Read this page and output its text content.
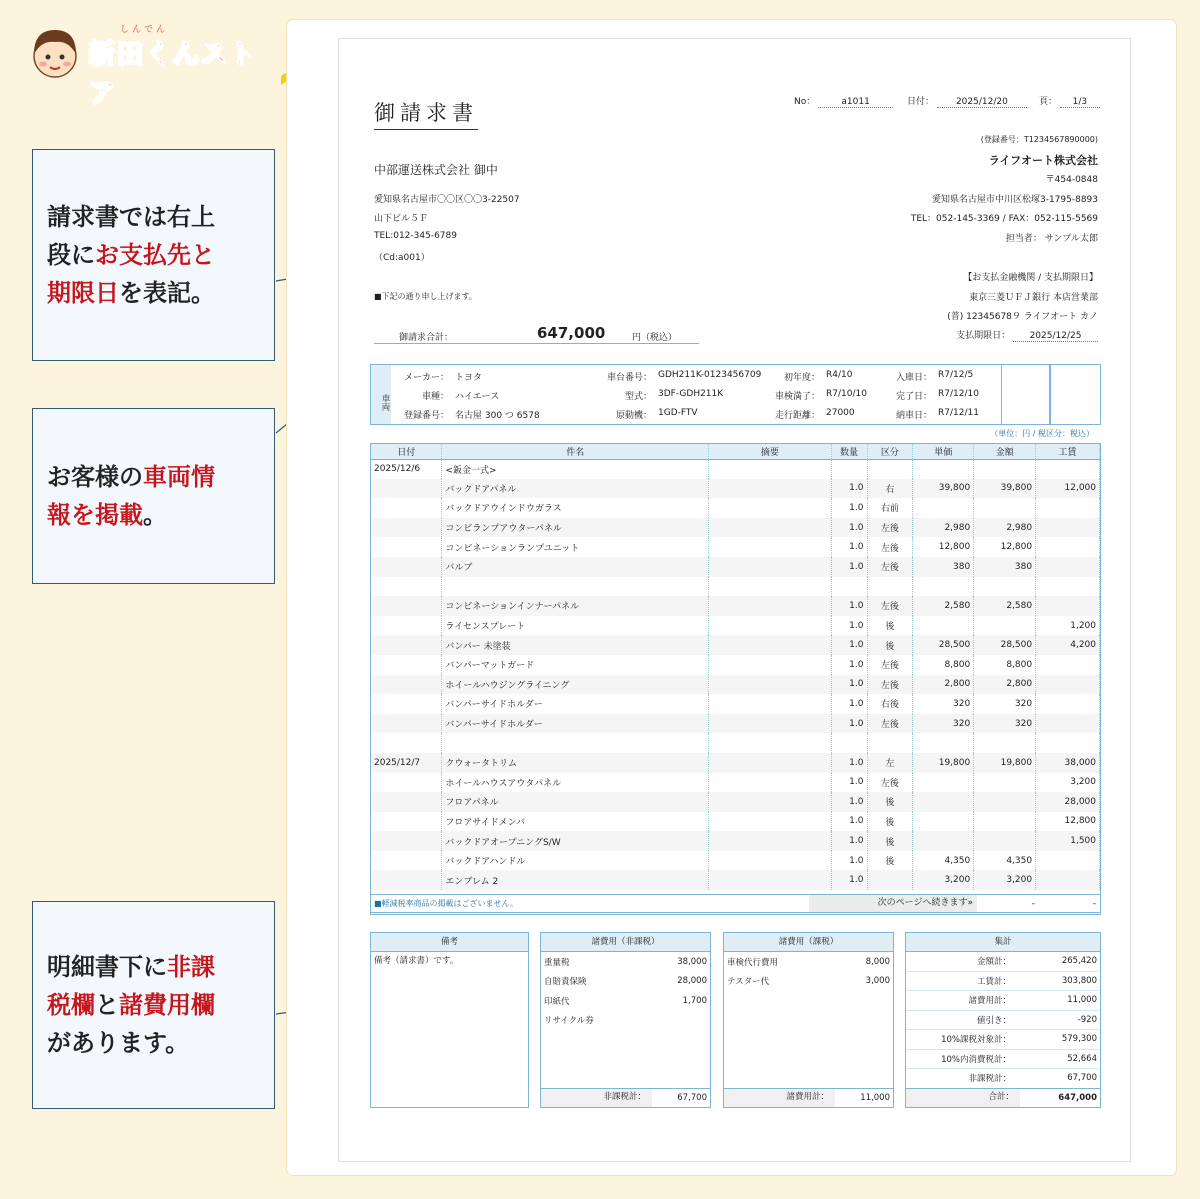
しんでん
新田くんストア
請求書では右上
段にお支払先と
期限日を表記。
お客様の車両情
報を掲載。
明細書下に非課
税欄と諸費用欄
があります。
御請求書	No：	a1011	日付： 2025/12/20	頁： 1/3
(登録番号：T1234567890000)
ライフオート株式会社
〒454-0848
愛知県名古屋市中川区松塚3-1795-8893
TEL：052-145-3369 / FAX：052-115-5569
担当者： サンプル太郎
【お支払金融機関 / 支払期限日】
東京三菱ＵＦＪ銀行 本店営業部
(普) 12345678９ ライフオート カノ
支払期限日： 2025/12/25
中部運送株式会社 御中
愛知県名古屋市〇〇区〇〇3-22507
山下ビル５Ｆ
TEL:012-345-6789
（Cd:a001）
■下記の通り申し上げます。
御請求合計：	647,000	円（税込）
車両
メーカー： トヨタ	車台番号： GDH211K-0123456709	初年度： R4/10	入庫日： R7/12/5
車種： ハイエース	型式： 3DF-GDH211K	車検満了： R7/10/10	完了日： R7/12/10
登録番号： 名古屋 300 つ 6578	原動機： 1GD-FTV	走行距離： 27000	納車日： R7/12/11
（単位：円 / 税区分：税込）
日付	件名	摘要	数量	区分	単価	金額	工賃
2025/12/6	<鈑金一式>						
	バックドアパネル		1.0	右	39,800	39,800	12,000
	バックドアウインドウガラス		1.0	右前			
	コンビランプアウターパネル		1.0	左後	2,980	2,980	
	コンビネーションランプユニット		1.0	左後	12,800	12,800	
	バルブ		1.0	左後	380	380	

	コンビネーションインナーパネル		1.0	左後	2,580	2,580	
	ライセンスプレート		1.0	後			1,200
	バンパー 未塗装		1.0	後	28,500	28,500	4,200
	バンパーマットガード		1.0	左後	8,800	8,800	
	ホイールハウジングライニング		1.0	左後	2,800	2,800	
	バンパーサイドホルダー		1.0	右後	320	320	
	バンパーサイドホルダー		1.0	左後	320	320	

2025/12/7	クウォータトリム		1.0	左	19,800	19,800	38,000
	ホイールハウスアウタパネル		1.0	左後			3,200
	フロアパネル		1.0	後			28,000
	フロアサイドメンバ		1.0	後			12,800
	バックドアオープニングS/W		1.0	後			1,500
	バックドアハンドル		1.0	後	4,350	4,350	
	エンブレム 2		1.0		3,200	3,200	
■軽減税率商品の掲載はございません。	次のページへ続きます»	-	-
備考
備考（請求書）です。
諸費用（非課税）
重量税	38,000
自賠責保険	28,000
印紙代	1,700
リサイクル券
非課税計：	67,700
諸費用（課税）
車検代行費用	8,000
テスター代	3,000
諸費用計：	11,000
集計
金額計：	265,420
工賃計：	303,800
諸費用計：	11,000
値引き：	-920
10%課税対象計：	579,300
10%内消費税計：	52,664
非課税計：	67,700
合計：	647,000
